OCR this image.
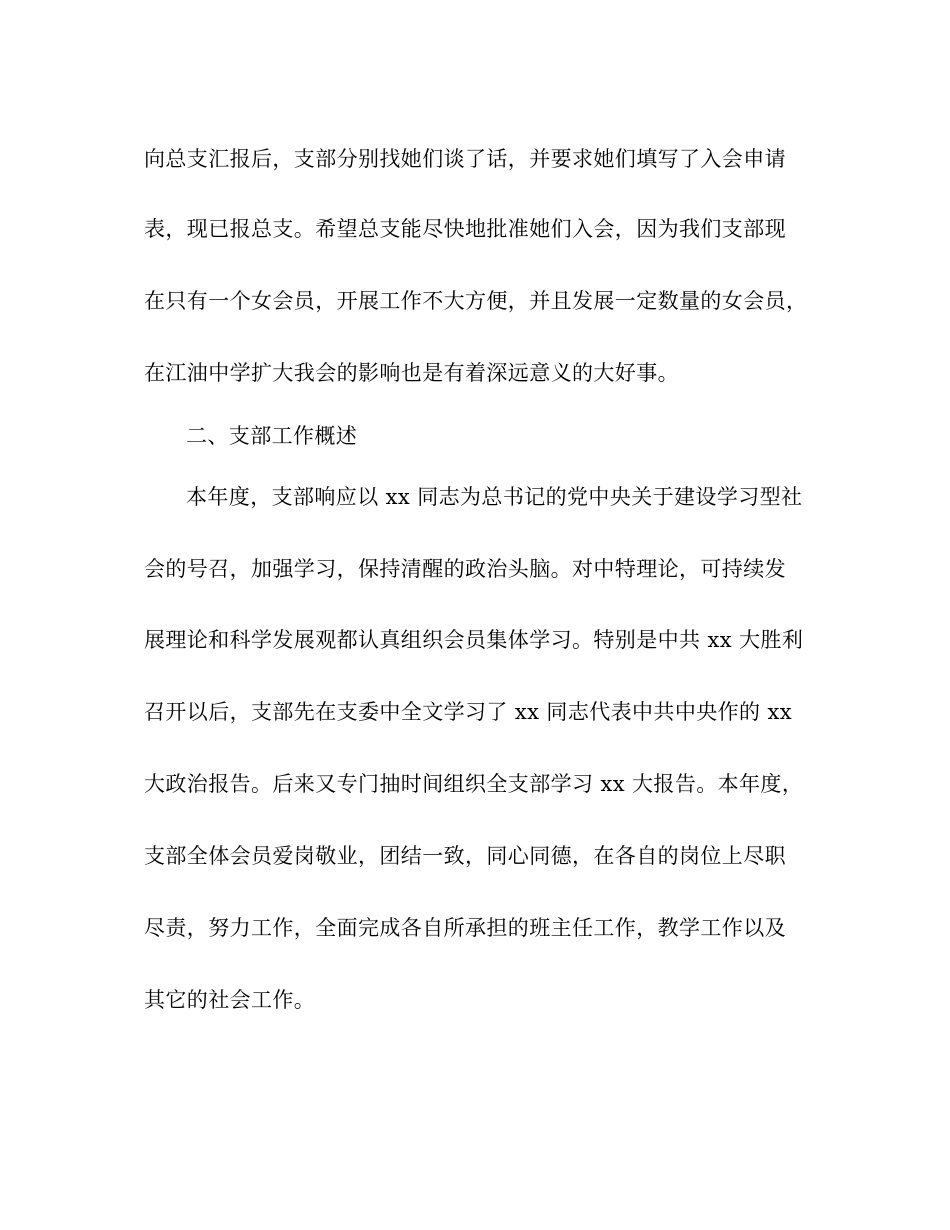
向总支汇报后，支部分别找她们谈了话，并要求她们填写了入会申请
表，现已报总支。希望总支能尽快地批准她们入会，因为我们支部现
在只有一个女会员，开展工作不大方便，并且发展一定数量的女会员，
在江油中学扩大我会的影响也是有着深远意义的大好事。
二、支部工作概述
本年度，支部响应以 xx 同志为总书记的党中央关于建设学习型社
会的号召，加强学习，保持清醒的政治头脑。对中特理论，可持续发
展理论和科学发展观都认真组织会员集体学习。特别是中共 xx 大胜利
召开以后，支部先在支委中全文学习了 xx 同志代表中共中央作的 xx
大政治报告。后来又专门抽时间组织全支部学习 xx 大报告。本年度，
支部全体会员爱岗敬业，团结一致，同心同德，在各自的岗位上尽职
尽责，努力工作，全面完成各自所承担的班主任工作，教学工作以及
其它的社会工作。
